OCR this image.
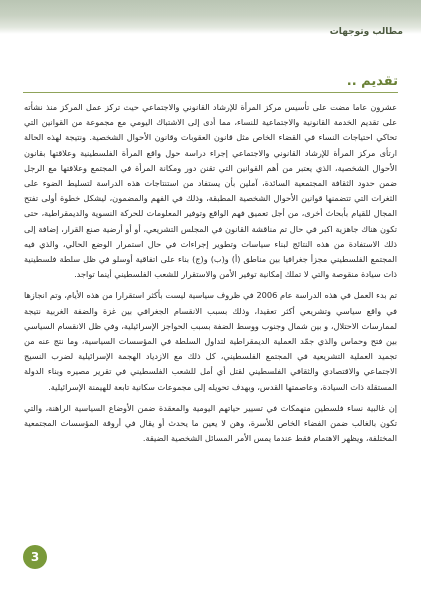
مطالب وتوجهات
تقديم ..

عشرون عاما مضت على تأسيس مركز المرأة للإرشاد القانوني والاجتماعي حيث تركز عمل المركز منذ نشأته على تقديم الخدمة القانونية والاجتماعية للنساء، مما أدى إلى الاشتباك اليومي مع مجموعة من القوانين التي تحاكي احتياجات النساء في القضاء الخاص مثل قانون العقوبات وقانون الأحوال الشخصية. ونتيجة لهذه الحالة ارتأى مركز المرأة للإرشاد القانوني والاجتماعي إجراء دراسة حول واقع المرأة الفلسطينية وعلاقتها بقانون الأحوال الشخصية، الذي يعتبر من أهم القوانين التي تقنن دور ومكانة المرأة في المجتمع وعلاقتها مع الرجل ضمن حدود الثقافة المجتمعية السائدة، آملين بأن يستفاد من استنتاجات هذه الدراسة لتسليط الضوء على الثغرات التي تتضمنها قوانين الأحوال الشخصية المطبقة، وذلك في الفهم والمضمون، ليشكل خطوة أولى تفتح المجال للقيام بأبحاث أخرى، من أجل تعميق فهم الواقع وتوفير المعلومات للحركة النسوية والديمقراطية، حتى تكون هناك جاهزية اكبر في حال تم مناقشة القانون في المجلس التشريعي، أو أو أرضية صنع القرار، إضافة إلى ذلك الاستفادة من هذه النتائج لبناء سياسات وتطوير إجراءات في حال استمرار الوضع الحالي، والذي فيه المجتمع الفلسطيني مجزأ جغرافيا بين مناطق (أ) و(ب) و(ج) بناء على اتفاقية أوسلو في ظل سلطة فلسطينية ذات سيادة منقوصة والتي لا تملك إمكانية توفير الأمن والاستقرار للشعب الفلسطيني أينما تواجد.

تم بدء العمل في هذه الدراسة عام 2006 في ظروف سياسية ليست بأكثر استقرارا من هذه الأيام، وتم انجازها في واقع سياسي وتشريعي أكثر تعقيدا، وذلك بسبب الانقسام الجغرافي بين غزة والضفة الغربية نتيجة لممارسات الاحتلال، و بين شمال وجنوب ووسط الضفة بسبب الحواجز الإسرائيلية، وفي ظل الانقسام السياسي بين فتح وحماس والذي جمّد العملية الديمقراطية لتداول السلطة في المؤسسات السياسية، وما نتج عنه من تجميد العملية التشريعية في المجتمع الفلسطيني، كل ذلك مع الازدياد الهجمة الإسرائيلية لضرب النسيج الاجتماعي والاقتصادي والثقافي الفلسطيني لقتل أي أمل للشعب الفلسطيني في تقرير مصيره وبناء الدولة المستقلة ذات السيادة، وعاصمتها القدس، وبهدف تحويله إلى مجموعات سكانية تابعة للهيمنة الإسرائيلية.

إن غالبية نساء فلسطين منهمكات في تسيير حياتهم اليومية والمعقدة ضمن الأوضاع السياسية الراهنة، والتي تكون بالغالب ضمن الفضاء الخاص للأسرة، وهن لا يعين ما يحدث أو يقال في أروقة المؤسسات المجتمعية المختلفة، ويظهر الاهتمام فقط عندما يمس الأمر المسائل الشخصية الضيقة.

3
